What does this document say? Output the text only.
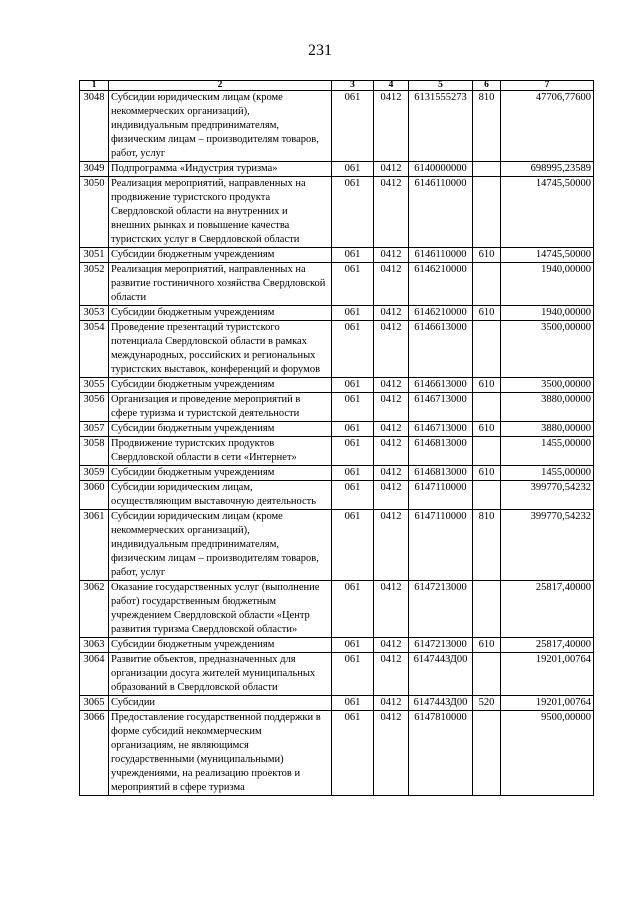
231
1	2	3	4	5	6	7
3048	Субсидии юридическим лицам (кроме некоммерческих организаций), индивидуальным предпринимателям, физическим лицам – производителям товаров, работ, услуг	061	0412	6131555273	810	47706,77600
3049	Подпрограмма «Индустрия туризма»	061	0412	6140000000		698995,23589
3050	Реализация мероприятий, направленных на продвижение туристского продукта Свердловской области на внутренних и внешних рынках и повышение качества туристских услуг в Свердловской области	061	0412	6146110000		14745,50000
3051	Субсидии бюджетным учреждениям	061	0412	6146110000	610	14745,50000
3052	Реализация мероприятий, направленных на развитие гостиничного хозяйства Свердловской области	061	0412	6146210000		1940,00000
3053	Субсидии бюджетным учреждениям	061	0412	6146210000	610	1940,00000
3054	Проведение презентаций туристского потенциала Свердловской области в рамках международных, российских и региональных туристских выставок, конференций и форумов	061	0412	6146613000		3500,00000
3055	Субсидии бюджетным учреждениям	061	0412	6146613000	610	3500,00000
3056	Организация и проведение мероприятий в сфере туризма и туристской деятельности	061	0412	6146713000		3880,00000
3057	Субсидии бюджетным учреждениям	061	0412	6146713000	610	3880,00000
3058	Продвижение туристских продуктов Свердловской области в сети «Интернет»	061	0412	6146813000		1455,00000
3059	Субсидии бюджетным учреждениям	061	0412	6146813000	610	1455,00000
3060	Субсидии юридическим лицам, осуществляющим выставочную деятельность	061	0412	6147110000		399770,54232
3061	Субсидии юридическим лицам (кроме некоммерческих организаций), индивидуальным предпринимателям, физическим лицам – производителям товаров, работ, услуг	061	0412	6147110000	810	399770,54232
3062	Оказание государственных услуг (выполнение работ) государственным бюджетным учреждением Свердловской области «Центр развития туризма Свердловской области»	061	0412	6147213000		25817,40000
3063	Субсидии бюджетным учреждениям	061	0412	6147213000	610	25817,40000
3064	Развитие объектов, предназначенных для организации досуга жителей муниципальных образований в Свердловской области	061	0412	614744ЗД00		19201,00764
3065	Субсидии	061	0412	614744ЗД00	520	19201,00764
3066	Предоставление государственной поддержки в форме субсидий некоммерческим организациям, не являющимся государственными (муниципальными) учреждениями, на реализацию проектов и мероприятий в сфере туризма	061	0412	6147810000		9500,00000
